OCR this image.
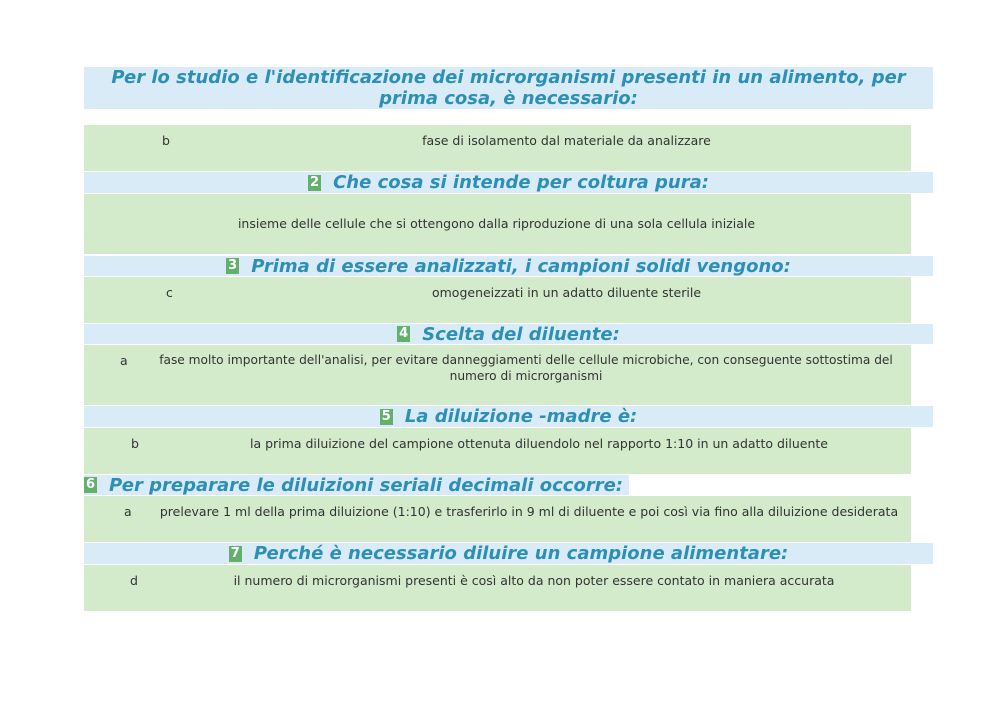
Per lo studio e l'identificazione dei microrganismi presenti in un alimento, per prima cosa, è necessario:
b	fase di isolamento dal materiale da analizzare
2 Che cosa si intende per coltura pura:
insieme delle cellule che si ottengono dalla riproduzione di una sola cellula iniziale
3 Prima di essere analizzati, i campioni solidi vengono:
c	omogeneizzati in un adatto diluente sterile
4 Scelta del diluente:
a	fase molto importante dell'analisi, per evitare danneggiamenti delle cellule microbiche, con conseguente sottostima del numero di microrganismi
5 La diluizione -madre è:
b	la prima diluizione del campione ottenuta diluendolo nel rapporto 1:10 in un adatto diluente
6 Per preparare le diluizioni seriali decimali occorre:
a	prelevare 1 ml della prima diluizione (1:10) e trasferirlo in 9 ml di diluente e poi così via fino alla diluizione desiderata
7 Perché è necessario diluire un campione alimentare:
d	il numero di microrganismi presenti è così alto da non poter essere contato in maniera accurata
